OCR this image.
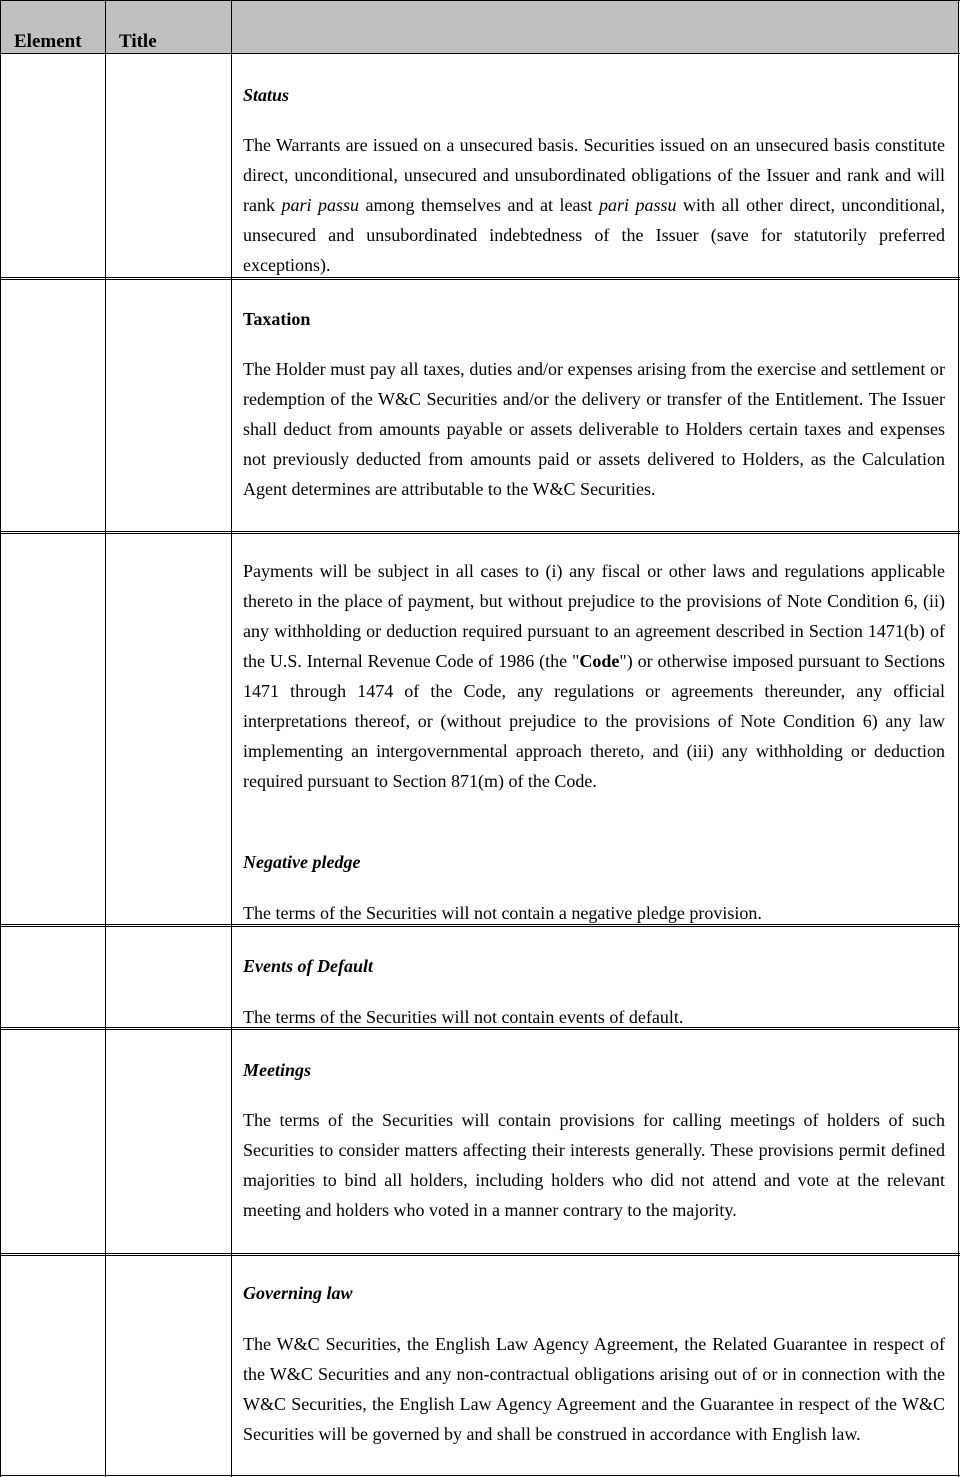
Element Title
Status

The Warrants are issued on a unsecured basis. Securities issued on an unsecured basis constitute direct, unconditional, unsecured and unsubordinated obligations of the Issuer and rank and will rank pari passu among themselves and at least pari passu with all other direct, unconditional, unsecured and unsubordinated indebtedness of the Issuer (save for statutorily preferred exceptions).

Taxation

The Holder must pay all taxes, duties and/or expenses arising from the exercise and settlement or redemption of the W&C Securities and/or the delivery or transfer of the Entitlement. The Issuer shall deduct from amounts payable or assets deliverable to Holders certain taxes and expenses not previously deducted from amounts paid or assets delivered to Holders, as the Calculation Agent determines are attributable to the W&C Securities.

Payments will be subject in all cases to (i) any fiscal or other laws and regulations applicable thereto in the place of payment, but without prejudice to the provisions of Note Condition 6, (ii) any withholding or deduction required pursuant to an agreement described in Section 1471(b) of the U.S. Internal Revenue Code of 1986 (the "Code") or otherwise imposed pursuant to Sections 1471 through 1474 of the Code, any regulations or agreements thereunder, any official interpretations thereof, or (without prejudice to the provisions of Note Condition 6) any law implementing an intergovernmental approach thereto, and (iii) any withholding or deduction required pursuant to Section 871(m) of the Code.

Negative pledge

The terms of the Securities will not contain a negative pledge provision.

Events of Default

The terms of the Securities will not contain events of default.

Meetings

The terms of the Securities will contain provisions for calling meetings of holders of such Securities to consider matters affecting their interests generally. These provisions permit defined majorities to bind all holders, including holders who did not attend and vote at the relevant meeting and holders who voted in a manner contrary to the majority.

Governing law

The W&C Securities, the English Law Agency Agreement, the Related Guarantee in respect of the W&C Securities and any non-contractual obligations arising out of or in connection with the W&C Securities, the English Law Agency Agreement and the Guarantee in respect of the W&C Securities will be governed by and shall be construed in accordance with English law.
